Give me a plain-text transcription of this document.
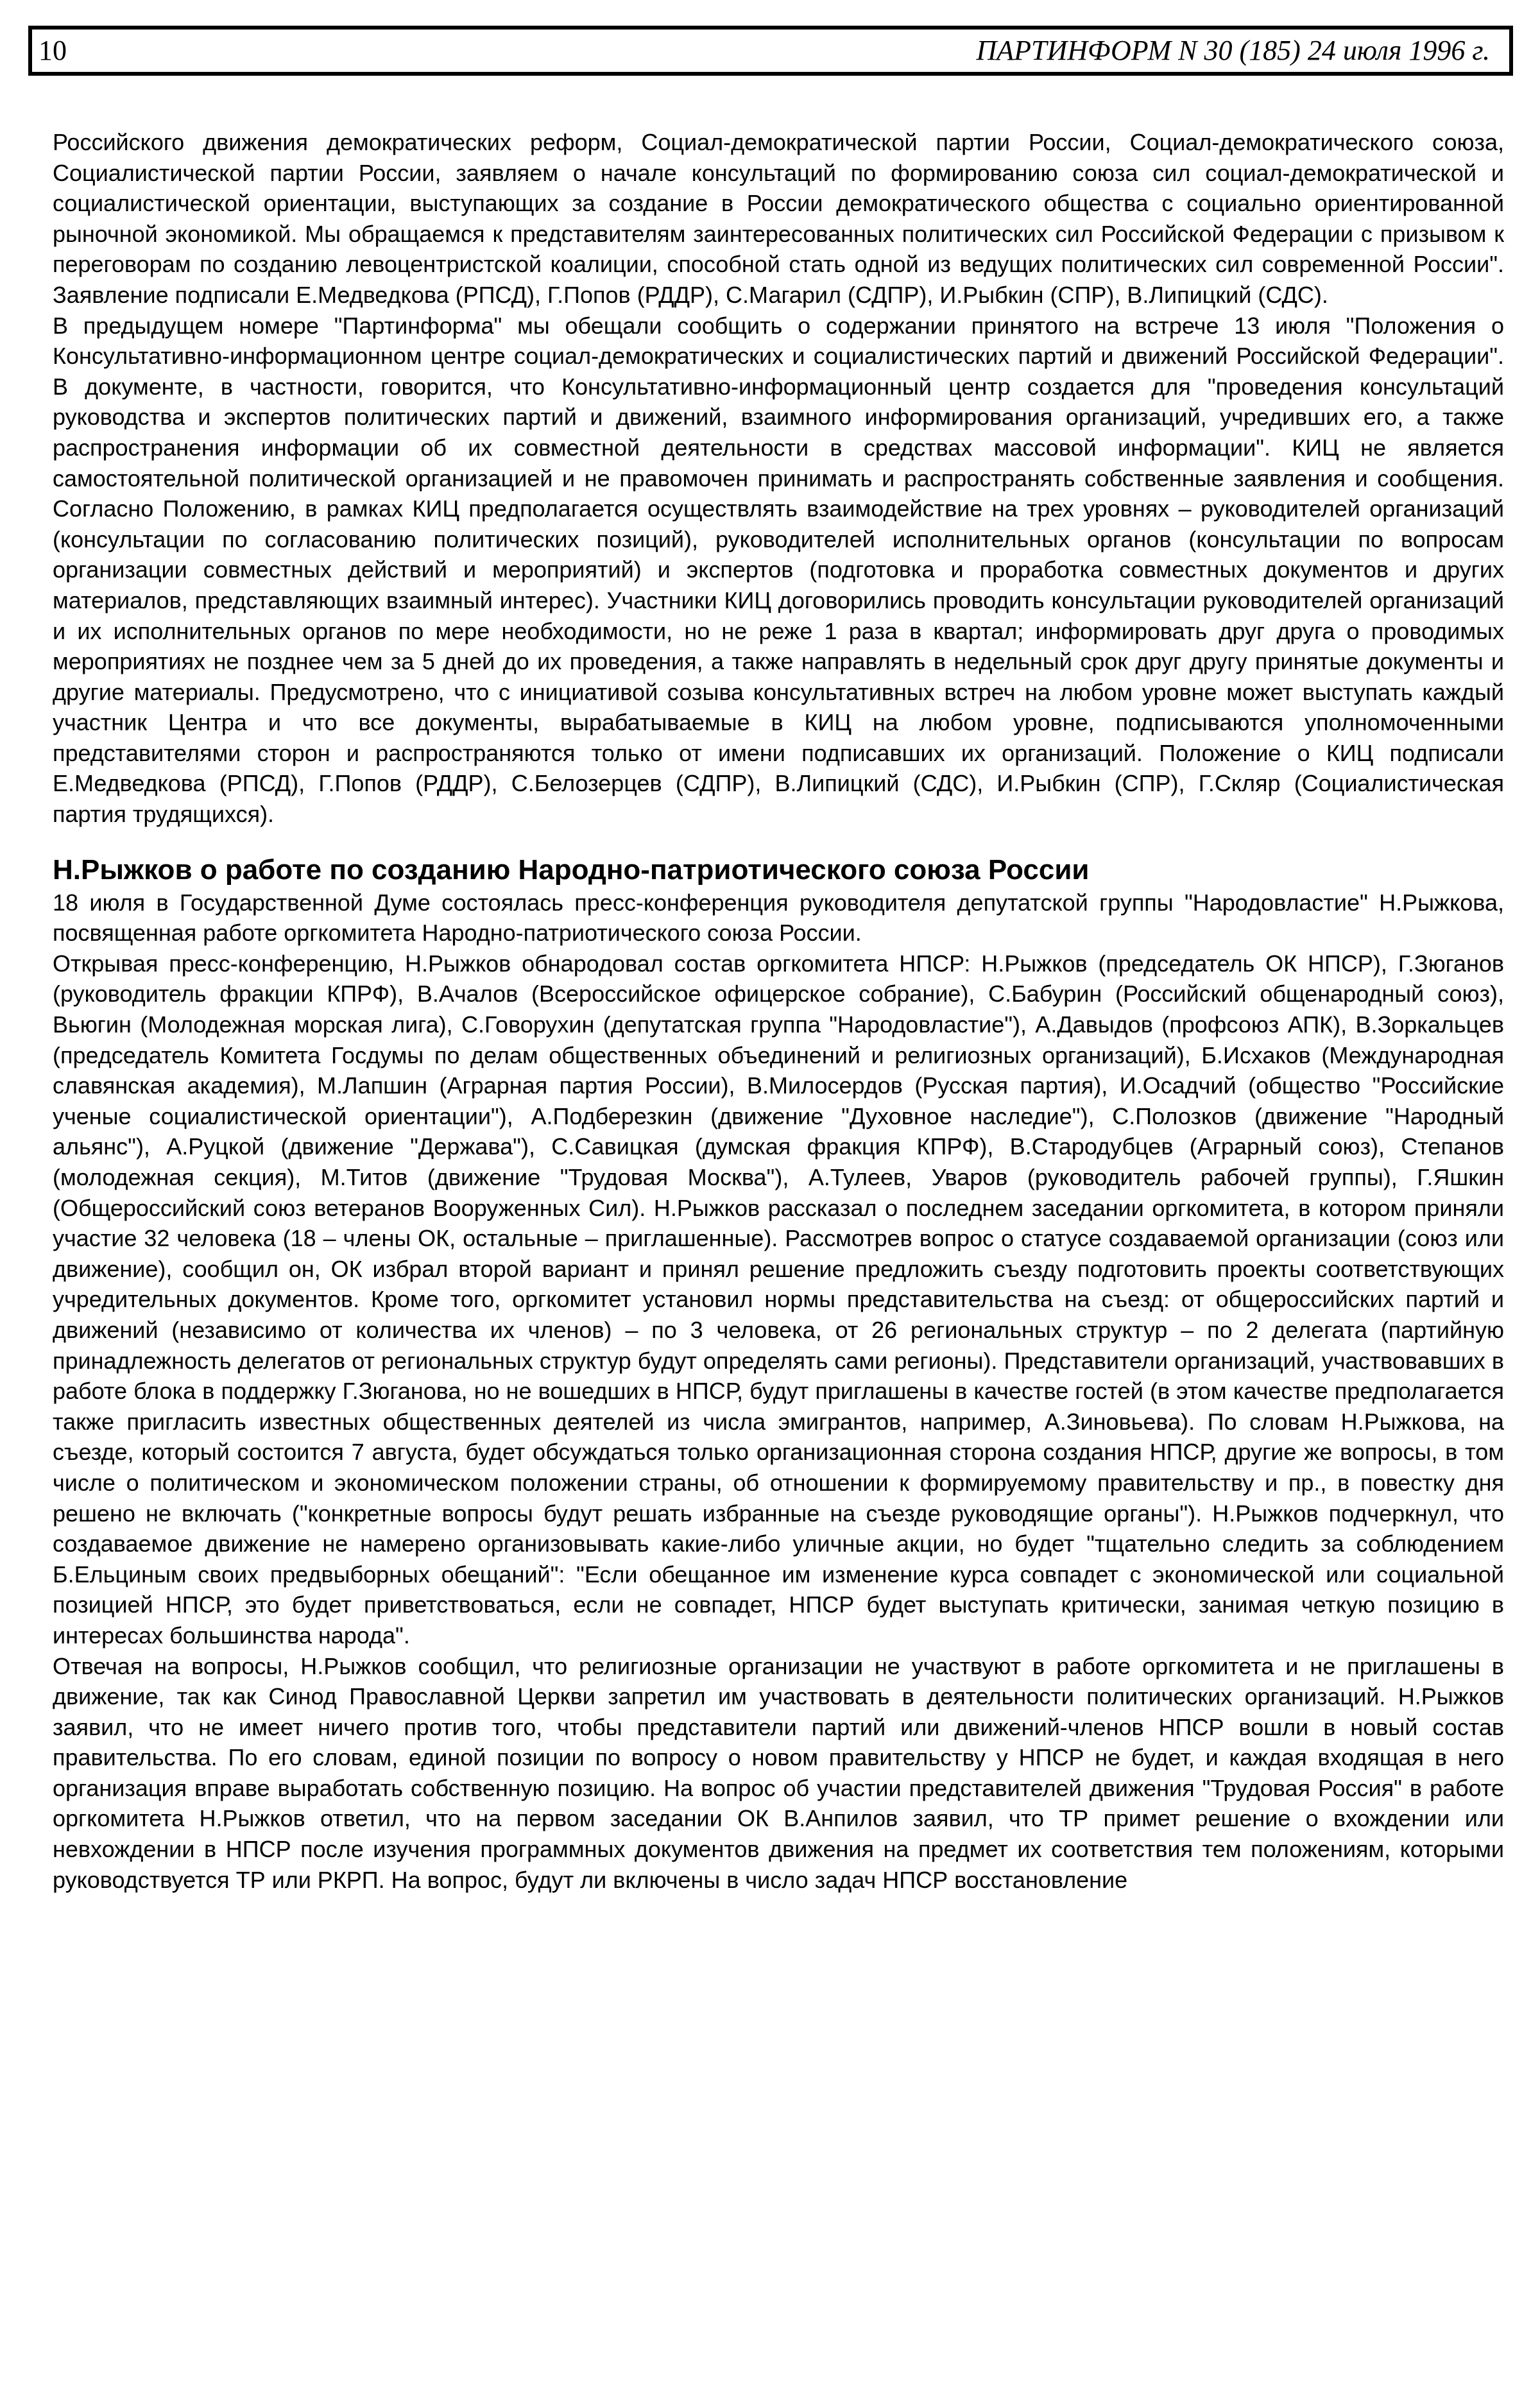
10	ПАРТИНФОРМ N 30 (185) 24 июля 1996 г.

Российского движения демократических реформ, Социал-демократической партии России, Социал-демократического союза, Социалистической партии России, заявляем о начале консультаций по формированию союза сил социал-демократической и социалистической ориентации, выступающих за создание в России демократического общества с социально ориентированной рыночной экономикой. Мы обращаемся к представителям заинтересованных политических сил Российской Федерации с призывом к переговорам по созданию левоцентристской коалиции, способной стать одной из ведущих политических сил современной России". Заявление подписали Е.Медведкова (РПСД), Г.Попов (РДДР), С.Магарил (СДПР), И.Рыбкин (СПР), В.Липицкий (СДС).

В предыдущем номере "Партинформа" мы обещали сообщить о содержании принятого на встрече 13 июля "Положения о Консультативно-информационном центре социал-демократических и социалистических партий и движений Российской Федерации". В документе, в частности, говорится, что Консультативно-информационный центр создается для "проведения консультаций руководства и экспертов политических партий и движений, взаимного информирования организаций, учредивших его, а также распространения информации об их совместной деятельности в средствах массовой информации". КИЦ не является самостоятельной политической организацией и не правомочен принимать и распространять собственные заявления и сообщения. Согласно Положению, в рамках КИЦ предполагается осуществлять взаимодействие на трех уровнях – руководителей организаций (консультации по согласованию политических позиций), руководителей исполнительных органов (консультации по вопросам организации совместных действий и мероприятий) и экспертов (подготовка и проработка совместных документов и других материалов, представляющих взаимный интерес). Участники КИЦ договорились проводить консультации руководителей организаций и их исполнительных органов по мере необходимости, но не реже 1 раза в квартал; информировать друг друга о проводимых мероприятиях не позднее чем за 5 дней до их проведения, а также направлять в недельный срок друг другу принятые документы и другие материалы. Предусмотрено, что с инициативой созыва консультативных встреч на любом уровне может выступать каждый участник Центра и что все документы, вырабатываемые в КИЦ на любом уровне, подписываются уполномоченными представителями сторон и распространяются только от имени подписавших их организаций. Положение о КИЦ подписали Е.Медведкова (РПСД), Г.Попов (РДДР), С.Белозерцев (СДПР), В.Липицкий (СДС), И.Рыбкин (СПР), Г.Скляр (Социалистическая партия трудящихся).

Н.Рыжков о работе по созданию Народно-патриотического союза России

18 июля в Государственной Думе состоялась пресс-конференция руководителя депутатской группы "Народовластие" Н.Рыжкова, посвященная работе оргкомитета Народно-патриотического союза России.

Открывая пресс-конференцию, Н.Рыжков обнародовал состав оргкомитета НПСР: Н.Рыжков (председатель ОК НПСР), Г.Зюганов (руководитель фракции КПРФ), В.Ачалов (Всероссийское офицерское собрание), С.Бабурин (Российский общенародный союз), Вьюгин (Молодежная морская лига), С.Говорухин (депутатская группа "Народовластие"), А.Давыдов (профсоюз АПК), В.Зоркальцев (председатель Комитета Госдумы по делам общественных объединений и религиозных организаций), Б.Исхаков (Международная славянская академия), М.Лапшин (Аграрная партия России), В.Милосердов (Русская партия), И.Осадчий (общество "Российские ученые социалистической ориентации"), А.Подберезкин (движение "Духовное наследие"), С.Полозков (движение "Народный альянс"), А.Руцкой (движение "Держава"), С.Савицкая (думская фракция КПРФ), В.Стародубцев (Аграрный союз), Степанов (молодежная секция), М.Титов (движение "Трудовая Москва"), А.Тулеев, Уваров (руководитель рабочей группы), Г.Яшкин (Общероссийский союз ветеранов Вооруженных Сил). Н.Рыжков рассказал о последнем заседании оргкомитета, в котором приняли участие 32 человека (18 – члены ОК, остальные – приглашенные). Рассмотрев вопрос о статусе создаваемой организации (союз или движение), сообщил он, ОК избрал второй вариант и принял решение предложить съезду подготовить проекты соответствующих учредительных документов. Кроме того, оргкомитет установил нормы представительства на съезд: от общероссийских партий и движений (независимо от количества их членов) – по 3 человека, от 26 региональных структур – по 2 делегата (партийную принадлежность делегатов от региональных структур будут определять сами регионы). Представители организаций, участвовавших в работе блока в поддержку Г.Зюганова, но не вошедших в НПСР, будут приглашены в качестве гостей (в этом качестве предполагается также пригласить известных общественных деятелей из числа эмигрантов, например, А.Зиновьева). По словам Н.Рыжкова, на съезде, который состоится 7 августа, будет обсуждаться только организационная сторона создания НПСР, другие же вопросы, в том числе о политическом и экономическом положении страны, об отношении к формируемому правительству и пр., в повестку дня решено не включать ("конкретные вопросы будут решать избранные на съезде руководящие органы"). Н.Рыжков подчеркнул, что создаваемое движение не намерено организовывать какие-либо уличные акции, но будет "тщательно следить за соблюдением Б.Ельциным своих предвыборных обещаний": "Если обещанное им изменение курса совпадет с экономической или социальной позицией НПСР, это будет приветствоваться, если не совпадет, НПСР будет выступать критически, занимая четкую позицию в интересах большинства народа".

Отвечая на вопросы, Н.Рыжков сообщил, что религиозные организации не участвуют в работе оргкомитета и не приглашены в движение, так как Синод Православной Церкви запретил им участвовать в деятельности политических организаций. Н.Рыжков заявил, что не имеет ничего против того, чтобы представители партий или движений-членов НПСР вошли в новый состав правительства. По его словам, единой позиции по вопросу о новом правительству у НПСР не будет, и каждая входящая в него организация вправе выработать собственную позицию. На вопрос об участии представителей движения "Трудовая Россия" в работе оргкомитета Н.Рыжков ответил, что на первом заседании ОК В.Анпилов заявил, что ТР примет решение о вхождении или невхождении в НПСР после изучения программных документов движения на предмет их соответствия тем положениям, которыми руководствуется ТР или РКРП. На вопрос, будут ли включены в число задач НПСР восстановление
